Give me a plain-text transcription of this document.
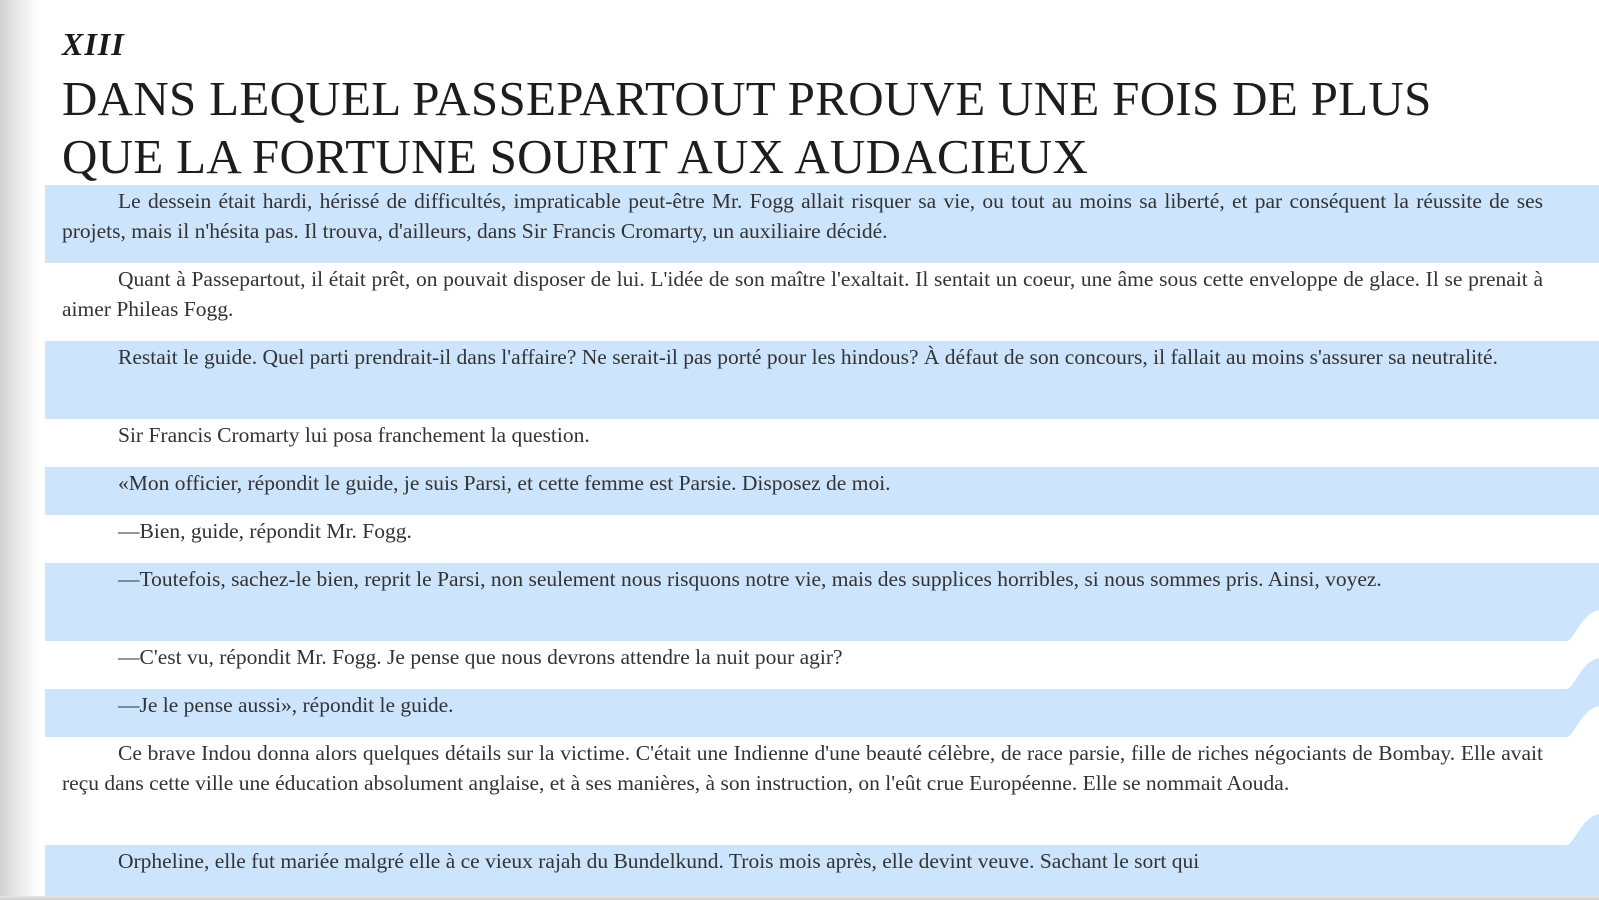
XIII
DANS LEQUEL PASSEPARTOUT PROUVE UNE FOIS DE PLUS QUE LA FORTUNE SOURIT AUX AUDACIEUX

Le dessein était hardi, hérissé de difficultés, impraticable peut-être Mr. Fogg allait risquer sa vie, ou tout au moins sa liberté, et par conséquent la réussite de ses projets, mais il n'hésita pas. Il trouva, d'ailleurs, dans Sir Francis Cromarty, un auxiliaire décidé.

Quant à Passepartout, il était prêt, on pouvait disposer de lui. L'idée de son maître l'exaltait. Il sentait un coeur, une âme sous cette enveloppe de glace. Il se prenait à aimer Phileas Fogg.

Restait le guide. Quel parti prendrait-il dans l'affaire? Ne serait-il pas porté pour les hindous? À défaut de son concours, il fallait au moins s'assurer sa neutralité.

Sir Francis Cromarty lui posa franchement la question.

«Mon officier, répondit le guide, je suis Parsi, et cette femme est Parsie. Disposez de moi.

—Bien, guide, répondit Mr. Fogg.

—Toutefois, sachez-le bien, reprit le Parsi, non seulement nous risquons notre vie, mais des supplices horribles, si nous sommes pris. Ainsi, voyez.

—C'est vu, répondit Mr. Fogg. Je pense que nous devrons attendre la nuit pour agir?

—Je le pense aussi», répondit le guide.

Ce brave Indou donna alors quelques détails sur la victime. C'était une Indienne d'une beauté célèbre, de race parsie, fille de riches négociants de Bombay. Elle avait reçu dans cette ville une éducation absolument anglaise, et à ses manières, à son instruction, on l'eût crue Européenne. Elle se nommait Aouda.

Orpheline, elle fut mariée malgré elle à ce vieux rajah du Bundelkund. Trois mois après, elle devint veuve. Sachant le sort qui
